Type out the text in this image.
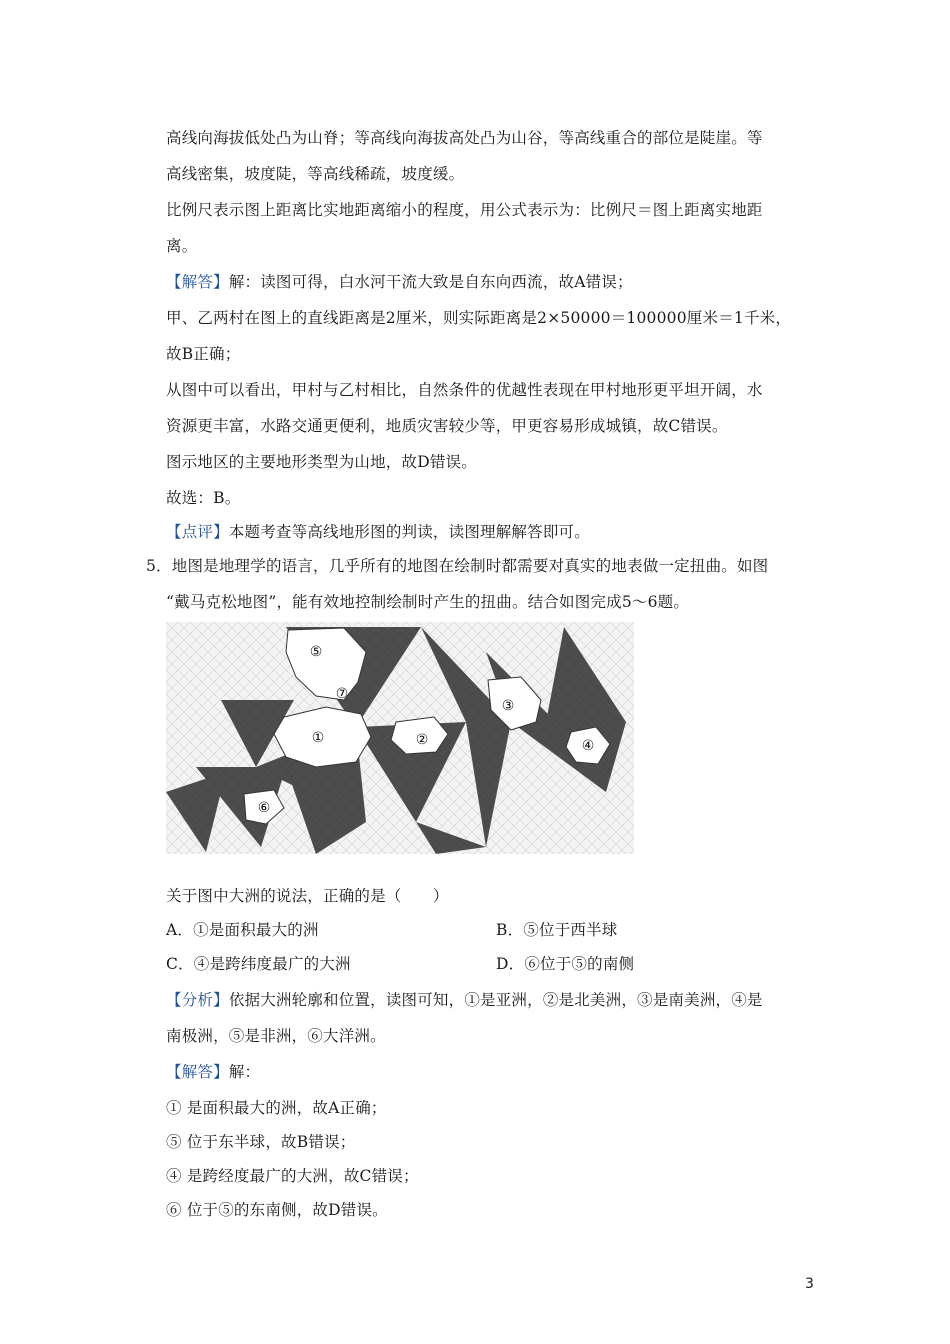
高线向海拔低处凸为山脊；等高线向海拔高处凸为山谷，等高线重合的部位是陡崖。等
高线密集，坡度陡，等高线稀疏，坡度缓。
比例尺表示图上距离比实地距离缩小的程度，用公式表示为：比例尺＝图上距离实地距
离。
【解答】解：读图可得，白水河干流大致是自东向西流，故A错误；
甲、乙两村在图上的直线距离是2厘米，则实际距离是2×50000＝100000厘米＝1千米，
故B正确；
从图中可以看出，甲村与乙村相比，自然条件的优越性表现在甲村地形更平坦开阔，水
资源更丰富，水路交通更便利，地质灾害较少等，甲更容易形成城镇，故C错误。
图示地区的主要地形类型为山地，故D错误。
故选：B。
【点评】本题考查等高线地形图的判读，读图理解解答即可。
5．地图是地理学的语言，几乎所有的地图在绘制时都需要对真实的地表做一定扭曲。如图
“戴马克松地图”，能有效地控制绘制时产生的扭曲。结合如图完成5～6题。
⑤
⑦
①	②
③
④
⑥
关于图中大洲的说法，正确的是（　　）
A．①是面积最大的洲	B．⑤位于西半球
C．④是跨纬度最广的大洲	D．⑥位于⑤的南侧
【分析】依据大洲轮廓和位置，读图可知，①是亚洲，②是北美洲，③是南美洲，④是
南极洲，⑤是非洲，⑥大洋洲。
【解答】解：
① 是面积最大的洲，故A正确；
⑤ 位于东半球，故B错误；
④ 是跨经度最广的大洲，故C错误；
⑥ 位于⑤的东南侧，故D错误。
3
